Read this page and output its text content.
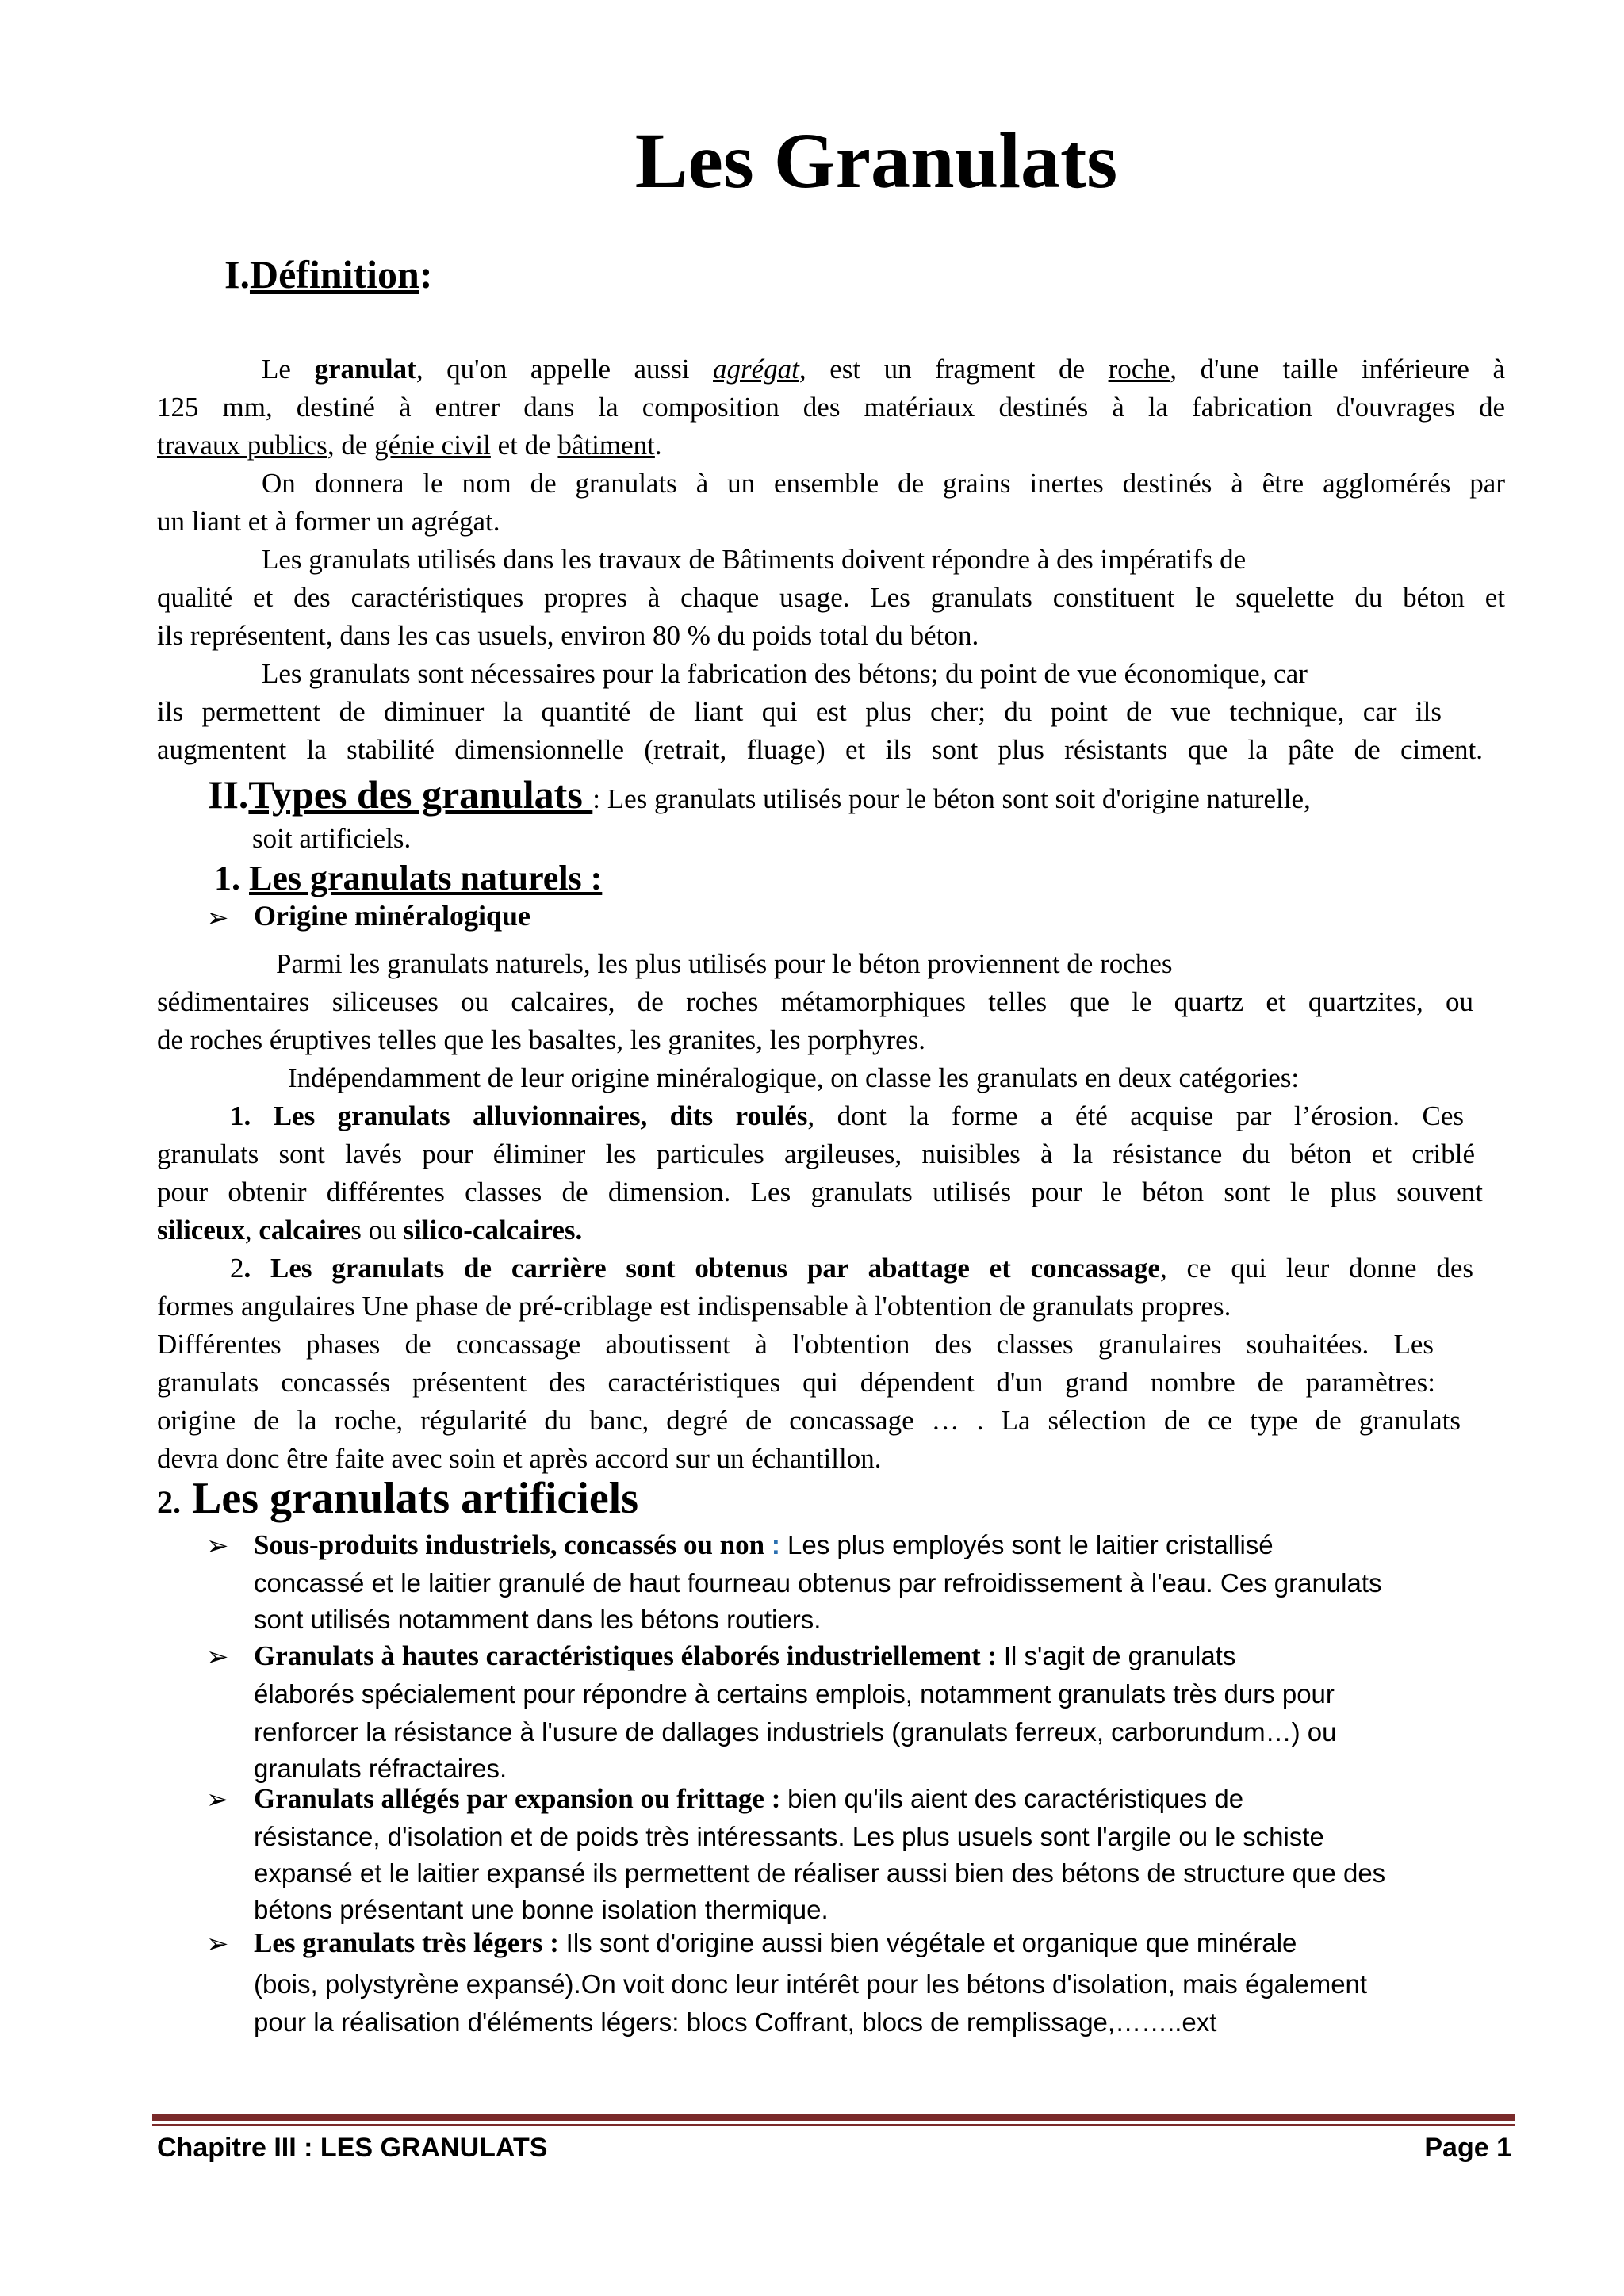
Les Granulats
I.Définition:
Le granulat, qu'on appelle aussi agrégat, est un fragment de roche, d'une taille inférieure à
125 mm, destiné à entrer dans la composition des matériaux destinés à la fabrication d'ouvrages de
travaux publics, de génie civil et de bâtiment.
On donnera le nom de granulats à un ensemble de grains inertes destinés à être agglomérés par
un liant et à former un agrégat.
Les granulats utilisés dans les travaux de Bâtiments doivent répondre à des impératifs de
qualité et des caractéristiques propres à chaque usage. Les granulats constituent le squelette du béton et
ils représentent, dans les cas usuels, environ 80 % du poids total du béton.
Les granulats sont nécessaires pour la fabrication des bétons; du point de vue économique, car
ils permettent de diminuer la quantité de liant qui est plus cher; du point de vue technique, car ils
augmentent la stabilité dimensionnelle (retrait, fluage) et ils sont plus résistants que la pâte de ciment.
II.Types des granulats : Les granulats utilisés pour le béton sont soit d'origine naturelle,
soit artificiels.
1. Les granulats naturels :
➢ Origine minéralogique
Parmi les granulats naturels, les plus utilisés pour le béton proviennent de roches
sédimentaires siliceuses ou calcaires, de roches métamorphiques telles que le quartz et quartzites, ou
de roches éruptives telles que les basaltes, les granites, les porphyres.
Indépendamment de leur origine minéralogique, on classe les granulats en deux catégories:
1. Les granulats alluvionnaires, dits roulés, dont la forme a été acquise par l’érosion. Ces
granulats sont lavés pour éliminer les particules argileuses, nuisibles à la résistance du béton et criblé
pour obtenir différentes classes de dimension. Les granulats utilisés pour le béton sont le plus souvent
siliceux, calcaires ou silico-calcaires.
2. Les granulats de carrière sont obtenus par abattage et concassage, ce qui leur donne des
formes angulaires Une phase de pré-criblage est indispensable à l'obtention de granulats propres.
Différentes phases de concassage aboutissent à l'obtention des classes granulaires souhaitées. Les
granulats concassés présentent des caractéristiques qui dépendent d'un grand nombre de paramètres:
origine de la roche, régularité du banc, degré de concassage … . La sélection de ce type de granulats
devra donc être faite avec soin et après accord sur un échantillon.
2. Les granulats artificiels
➢ Sous-produits industriels, concassés ou non : Les plus employés sont le laitier cristallisé
concassé et le laitier granulé de haut fourneau obtenus par refroidissement à l'eau. Ces granulats
sont utilisés notamment dans les bétons routiers.
➢ Granulats à hautes caractéristiques élaborés industriellement : Il s'agit de granulats
élaborés spécialement pour répondre à certains emplois, notamment granulats très durs pour
renforcer la résistance à l'usure de dallages industriels (granulats ferreux, carborundum…) ou
granulats réfractaires.
➢ Granulats allégés par expansion ou frittage : bien qu'ils aient des caractéristiques de
résistance, d'isolation et de poids très intéressants. Les plus usuels sont l'argile ou le schiste
expansé et le laitier expansé ils permettent de réaliser aussi bien des bétons de structure que des
bétons présentant une bonne isolation thermique.
➢ Les granulats très légers : Ils sont d'origine aussi bien végétale et organique que minérale
(bois, polystyrène expansé).On voit donc leur intérêt pour les bétons d'isolation, mais également
pour la réalisation d'éléments légers: blocs Coffrant, blocs de remplissage,……..ext
Chapitre III : LES GRANULATS	Page 1
